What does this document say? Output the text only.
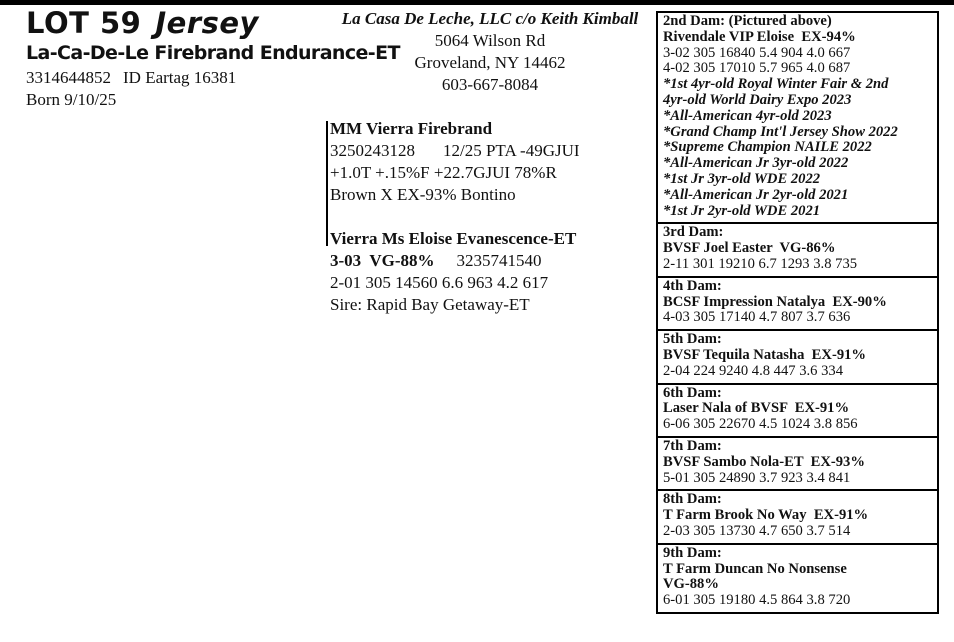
LOT 59 Jersey
La-Ca-De-Le Firebrand Endurance-ET
3314644852 ID Eartag 16381
Born 9/10/25
La Casa De Leche, LLC c/o Keith Kimball
5064 Wilson Rd
Groveland, NY 14462
603-667-8084
MM Vierra Firebrand
3250243128 12/25 PTA -49GJUI
+1.0T +.15%F +22.7GJUI 78%R
Brown X EX-93% Bontino
Vierra Ms Eloise Evanescence-ET
3-03  VG-88% 3235741540
2-01 305 14560 6.6 963 4.2 617
Sire: Rapid Bay Getaway-ET
2nd Dam: (Pictured above)
Rivendale VIP Eloise  EX-94%
3-02 305 16840 5.4 904 4.0 667
4-02 305 17010 5.7 965 4.0 687
*1st 4yr-old Royal Winter Fair & 2nd
4yr-old World Dairy Expo 2023
*All-American 4yr-old 2023
*Grand Champ Int'l Jersey Show 2022
*Supreme Champion NAILE 2022
*All-American Jr 3yr-old 2022
*1st Jr 3yr-old WDE 2022
*All-American Jr 2yr-old 2021
*1st Jr 2yr-old WDE 2021
3rd Dam:
BVSF Joel Easter  VG-86%
2-11 301 19210 6.7 1293 3.8 735
4th Dam:
BCSF Impression Natalya  EX-90%
4-03 305 17140 4.7 807 3.7 636
5th Dam:
BVSF Tequila Natasha  EX-91%
2-04 224 9240 4.8 447 3.6 334
6th Dam:
Laser Nala of BVSF  EX-91%
6-06 305 22670 4.5 1024 3.8 856
7th Dam:
BVSF Sambo Nola-ET  EX-93%
5-01 305 24890 3.7 923 3.4 841
8th Dam:
T Farm Brook No Way  EX-91%
2-03 305 13730 4.7 650 3.7 514
9th Dam:
T Farm Duncan No Nonsense
VG-88%
6-01 305 19180 4.5 864 3.8 720
